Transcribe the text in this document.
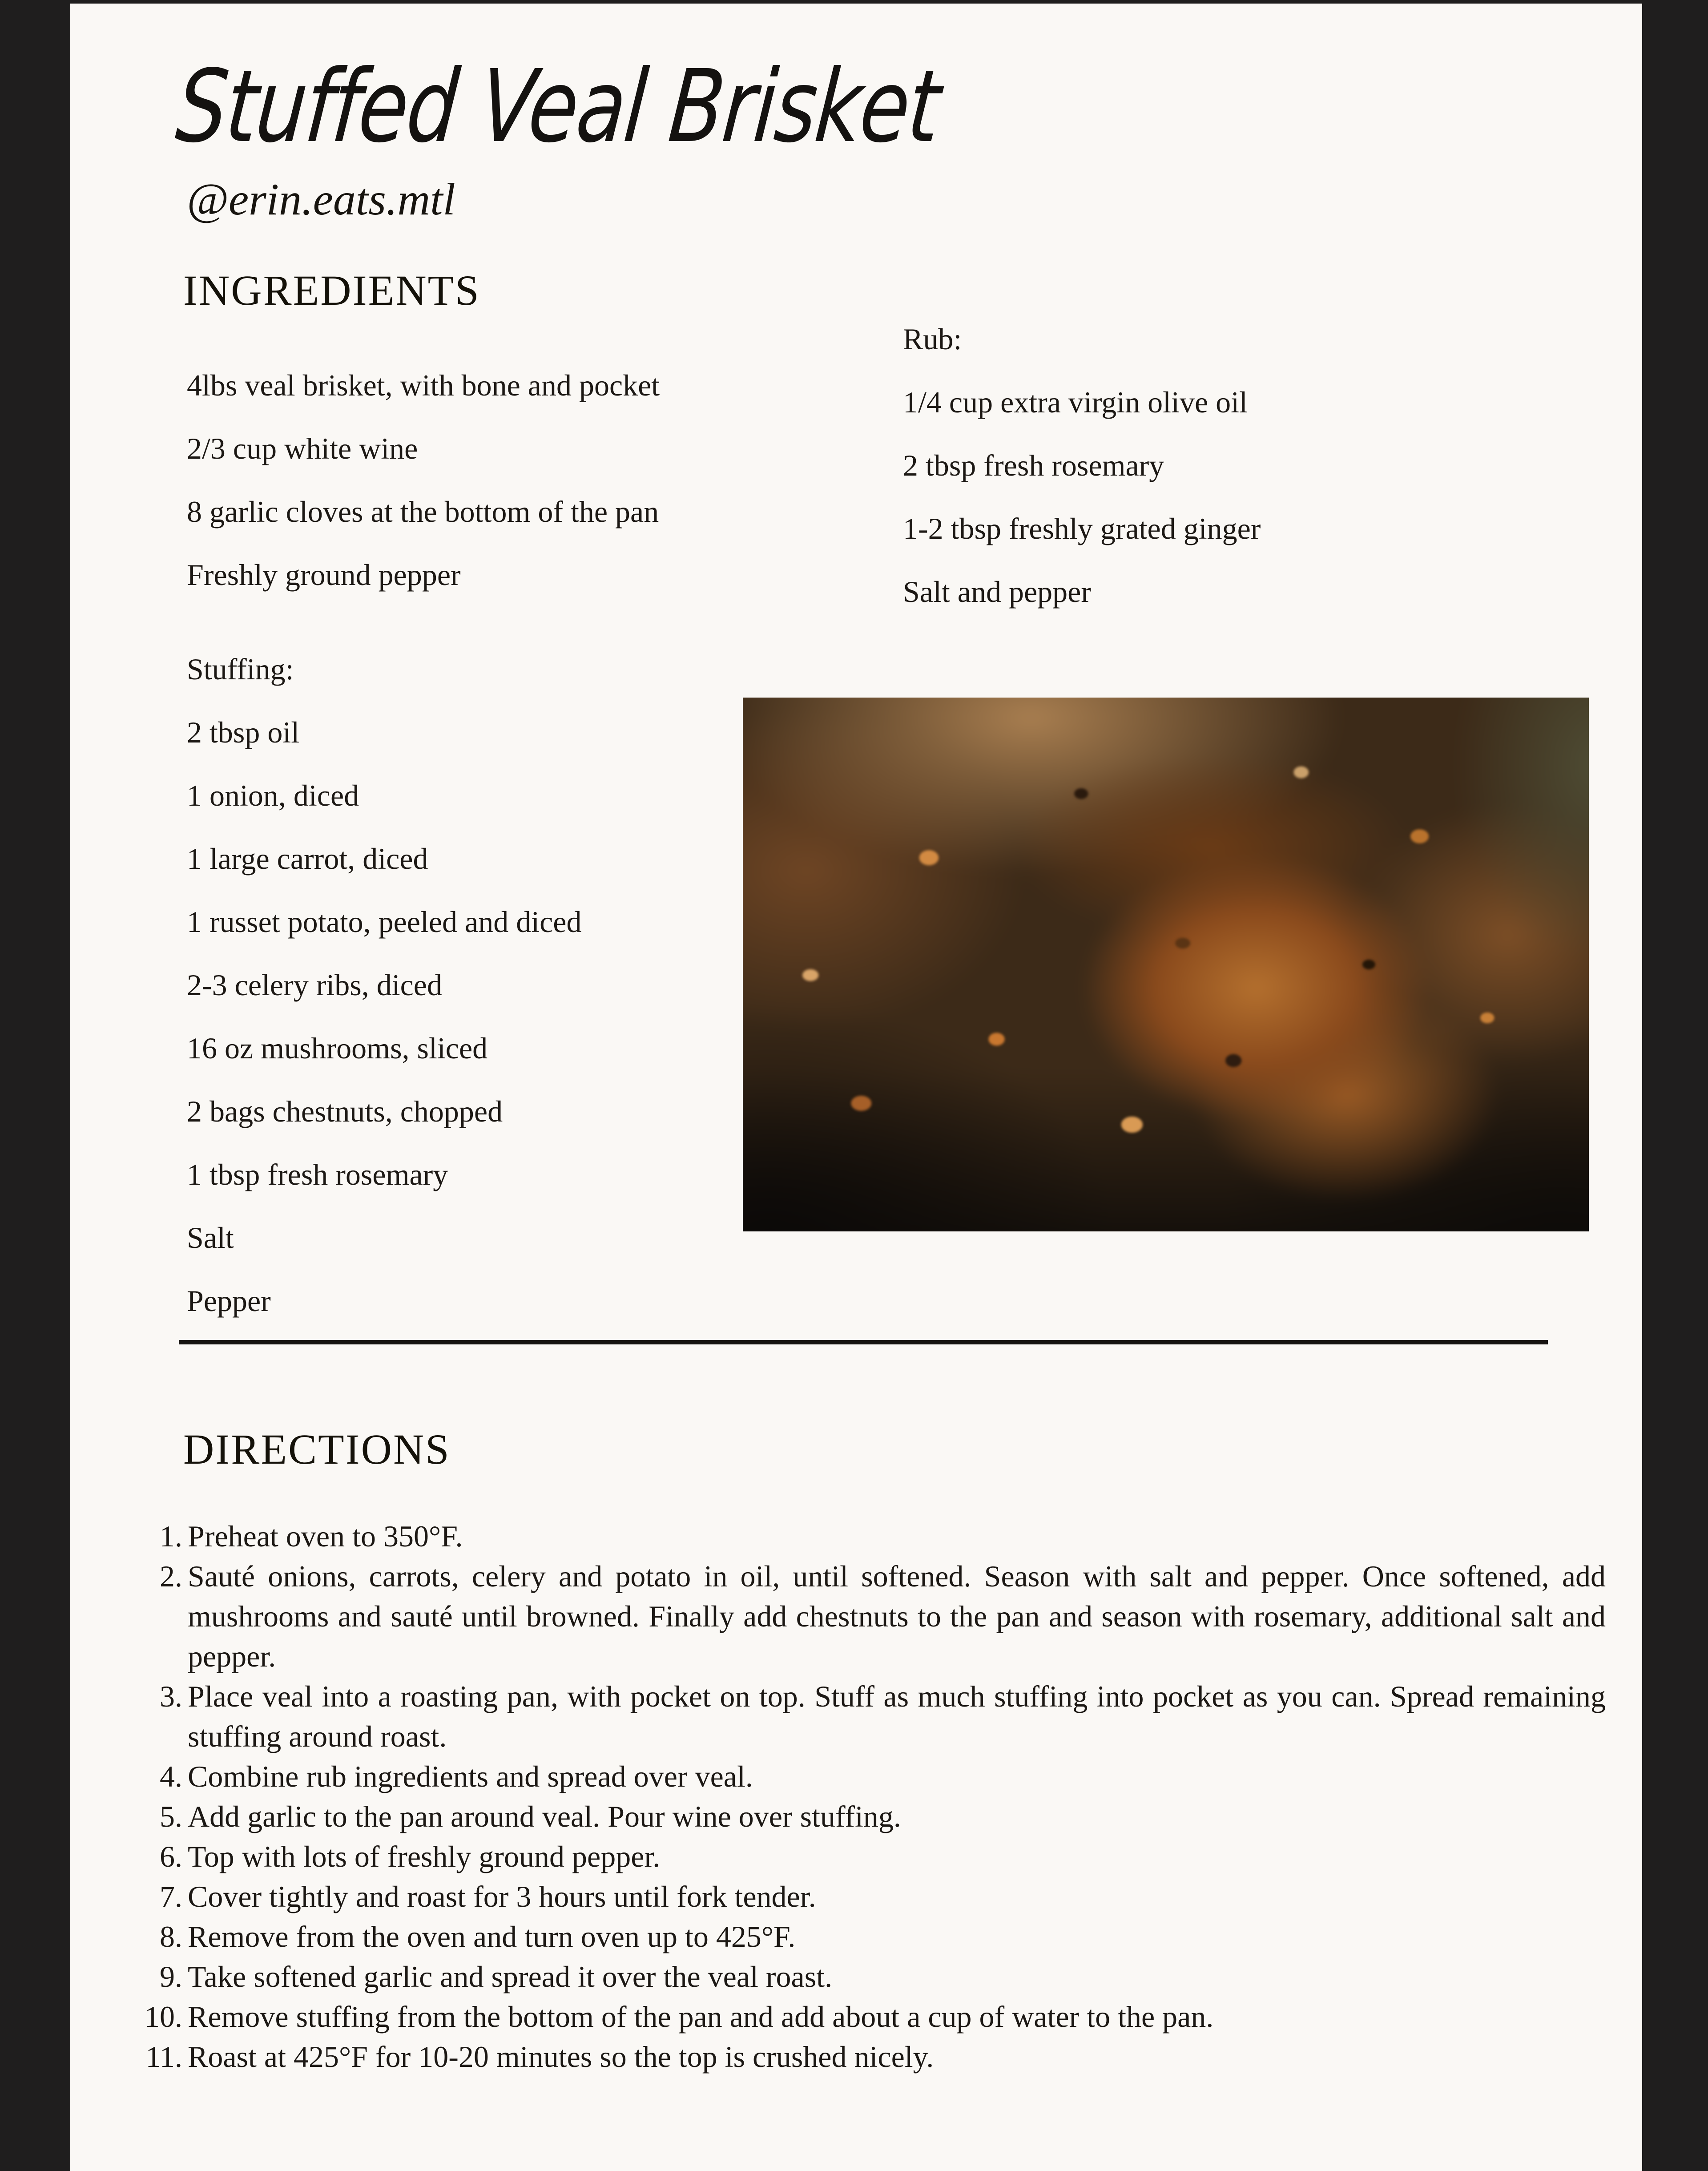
Stuffed Veal Brisket
@erin.eats.mtl
INGREDIENTS
4lbs veal brisket, with bone and pocket
2/3 cup white wine
8 garlic cloves at the bottom of the pan
Freshly ground pepper
Rub:
1/4 cup extra virgin olive oil
2 tbsp fresh rosemary
1-2 tbsp freshly grated ginger
Salt and pepper
Stuffing:
2 tbsp oil
1 onion, diced
1 large carrot, diced
1 russet potato, peeled and diced
2-3 celery ribs, diced
16 oz mushrooms, sliced
2 bags chestnuts, chopped
1 tbsp fresh rosemary
Salt
Pepper
DIRECTIONS
1. Preheat oven to 350°F.
2. Sauté onions, carrots, celery and potato in oil, until softened. Season with salt and pepper. Once softened, add mushrooms and sauté until browned. Finally add chestnuts to the pan and season with rosemary, additional salt and pepper.
3. Place veal into a roasting pan, with pocket on top. Stuff as much stuffing into pocket as you can. Spread remaining stuffing around roast.
4. Combine rub ingredients and spread over veal.
5. Add garlic to the pan around veal. Pour wine over stuffing.
6. Top with lots of freshly ground pepper.
7. Cover tightly and roast for 3 hours until fork tender.
8. Remove from the oven and turn oven up to 425°F.
9. Take softened garlic and spread it over the veal roast.
10. Remove stuffing from the bottom of the pan and add about a cup of water to the pan.
11. Roast at 425°F for 10-20 minutes so the top is crushed nicely.
